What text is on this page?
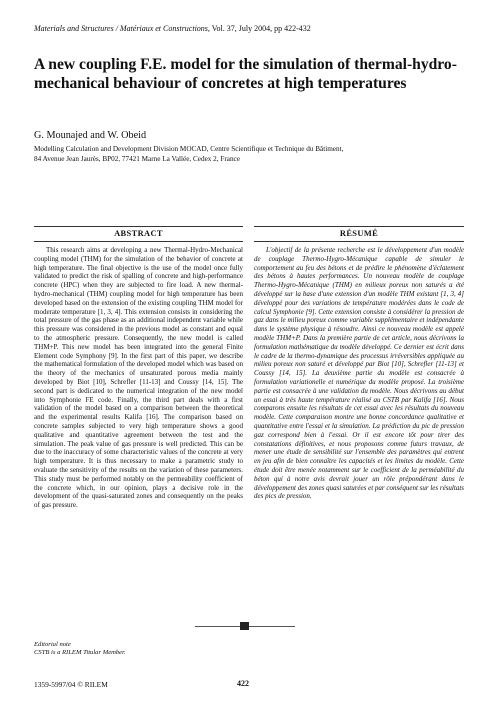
Materials and Structures / Matériaux et Constructions, Vol. 37, July 2004, pp 422-432
A new coupling F.E. model for the simulation of thermal-hydro-mechanical behaviour of concretes at high temperatures
G. Mounajed and W. Obeid
Modelling Calculation and Development Division MOCAD, Centre Scientifique et Technique du Bâtiment,
84 Avenue Jean Jaurès, BP02, 77421 Marne La Vallée, Cedex 2, France
ABSTRACT	RÉSUMÉ

This research aims at developing a new Thermal-Hydro-Mechanical coupling model (THM) for the simulation of the behavior of concrete at high temperature. The final objective is the use of the model once fully validated to predict the risk of spalling of concrete and high-performance concrete (HPC) when they are subjected to fire load. A new thermal-hydro-mechanical (THM) coupling model for high temperature has been developed based on the extension of the existing coupling THM model for moderate temperature [1, 3, 4]. This extension consists in considering the total pressure of the gas phase as an additional independent variable while this pressure was considered in the previous model as constant and equal to the atmospheric pressure. Consequently, the new model is called THM+P. This new model has been integrated into the general Finite Element code Symphony [9]. In the first part of this paper, we describe the mathematical formulation of the developed model which was based on the theory of the mechanics of unsaturated porous media mainly developed by Biot [10], Schrefler [11-13] and Coussy [14, 15]. The second part is dedicated to the numerical integration of the new model into Symphonie FE code. Finally, the third part deals with a first validation of the model based on a comparison between the theoretical and the experimental results Kalifa [16]. The comparison based on concrete samples subjected to very high temperature shows a good qualitative and quantitative agreement between the test and the simulation. The peak value of gas pressure is well predicted. This can be due to the inaccuracy of some characteristic values of the concrete at very high temperature. It is thus necessary to make a parametric study to evaluate the sensitivity of the results on the variation of these parameters. This study must be performed notably on the permeability coefficient of the concrete which, in our opinion, plays a decisive role in the development of the quasi-saturated zones and consequently on the peaks of gas pressure.

L'objectif de la présente recherche est le développement d'un modèle de couplage Thermo-Hygro-Mécanique capable de simuler le comportement au feu des bétons et de prédire le phénomène d'éclatement des bétons à hautes performances. Un nouveau modèle de couplage Thermo-Hygro-Mécanique (THM) en milieux poreux non saturés a été développé sur la base d'une extension d'un modèle THM existant [1, 3, 4] développé pour des variations de température modérées dans le code de calcul Symphonie [9]. Cette extension consiste à considérer la pression de gaz dans le milieu poreux comme variable supplémentaire et indépendante dans le système physique à résoudre. Ainsi ce nouveau modèle est appelé modèle THM+P. Dans la première partie de cet article, nous décrivons la formulation mathématique du modèle développé. Ce dernier est écrit dans le cadre de la thermo-dynamique des processus irréversibles appliquée au milieu poreux non saturé et développé par Biot [10], Schrefler [11-13] et Coussy [14, 15]. La deuxième partie du modèle est consacrée à formulation variationelle et numérique du modèle proposé. La troisième partie est consacrée à une validation du modèle. Nous décrivons au début un essai à très haute température réalisé au CSTB par Kalifa [16]. Nous comparons ensuite les résultats de cet essai avec les résultats du nouveau modèle. Cette comparaison montre une bonne concordance qualitative et quantitative entre l'essai et la simulation. La prédiction du pic de pression gaz correspond bien à l'essai. Or il est encore tôt pour tirer des constatations définitives, et nous proposons comme futurs travaux, de mener une étude de sensibilité sur l'ensemble des paramètres qui entrent en jeu afin de bien connaître les capacités et les limites du modèle. Cette étude doit être menée notamment sur le coefficient de la perméabilité du béton qui à notre avis devrait jouer un rôle prépondérant dans le développement des zones quasi saturées et par conséquent sur les résultats des pics de pression.

Editorial note
CSTB is a RILEM Titular Member.
1359-5997/04 © RILEM	422
